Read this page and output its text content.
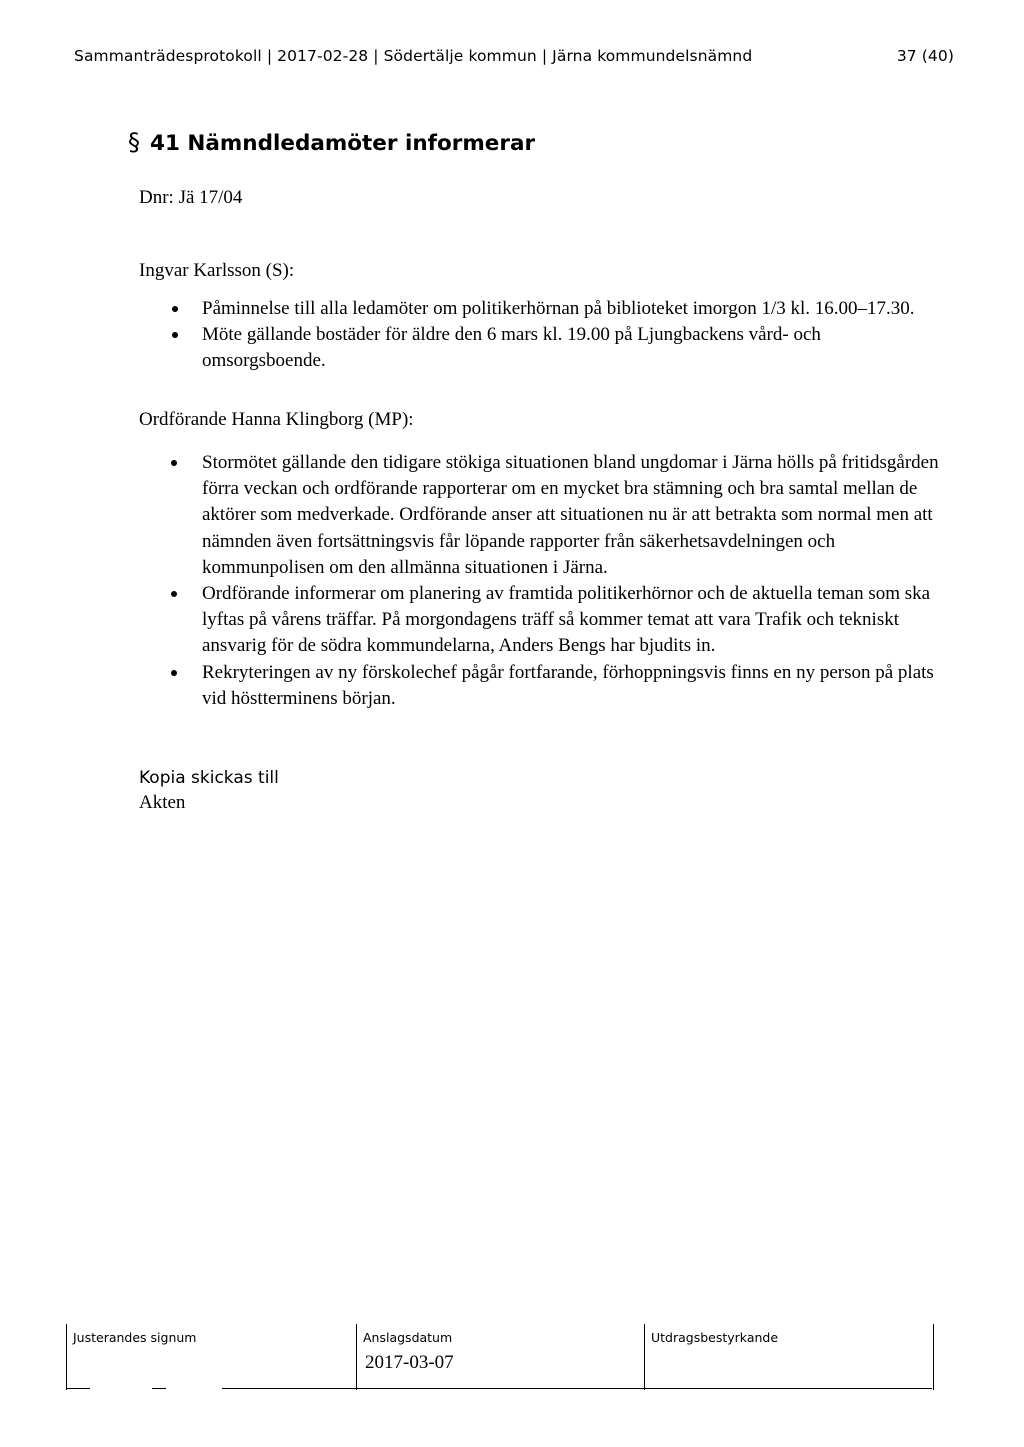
Sammanträdesprotokoll | 2017-02-28 | Södertälje kommun | Järna kommundelsnämnd	37 (40)
§ 41 Nämndledamöter informerar
Dnr: Jä 17/04
Ingvar Karlsson (S):
Påminnelse till alla ledamöter om politikerhörnan på biblioteket imorgon 1/3 kl. 16.00–17.30.
Möte gällande bostäder för äldre den 6 mars kl. 19.00 på Ljungbackens vård- och omsorgsboende.
Ordförande Hanna Klingborg (MP):
Stormötet gällande den tidigare stökiga situationen bland ungdomar i Järna hölls på fritidsgården förra veckan och ordförande rapporterar om en mycket bra stämning och bra samtal mellan de aktörer som medverkade. Ordförande anser att situationen nu är att betrakta som normal men att nämnden även fortsättningsvis får löpande rapporter från säkerhetsavdelningen och kommunpolisen om den allmänna situationen i Järna.
Ordförande informerar om planering av framtida politikerhörnor och de aktuella teman som ska lyftas på vårens träffar. På morgondagens träff så kommer temat att vara Trafik och tekniskt ansvarig för de södra kommundelarna, Anders Bengs har bjudits in.
Rekryteringen av ny förskolechef pågår fortfarande, förhoppningsvis finns en ny person på plats vid höstterminens början.
Kopia skickas till
Akten
Justerandes signum	Anslagsdatum
2017-03-07
Utdragsbestyrkande
